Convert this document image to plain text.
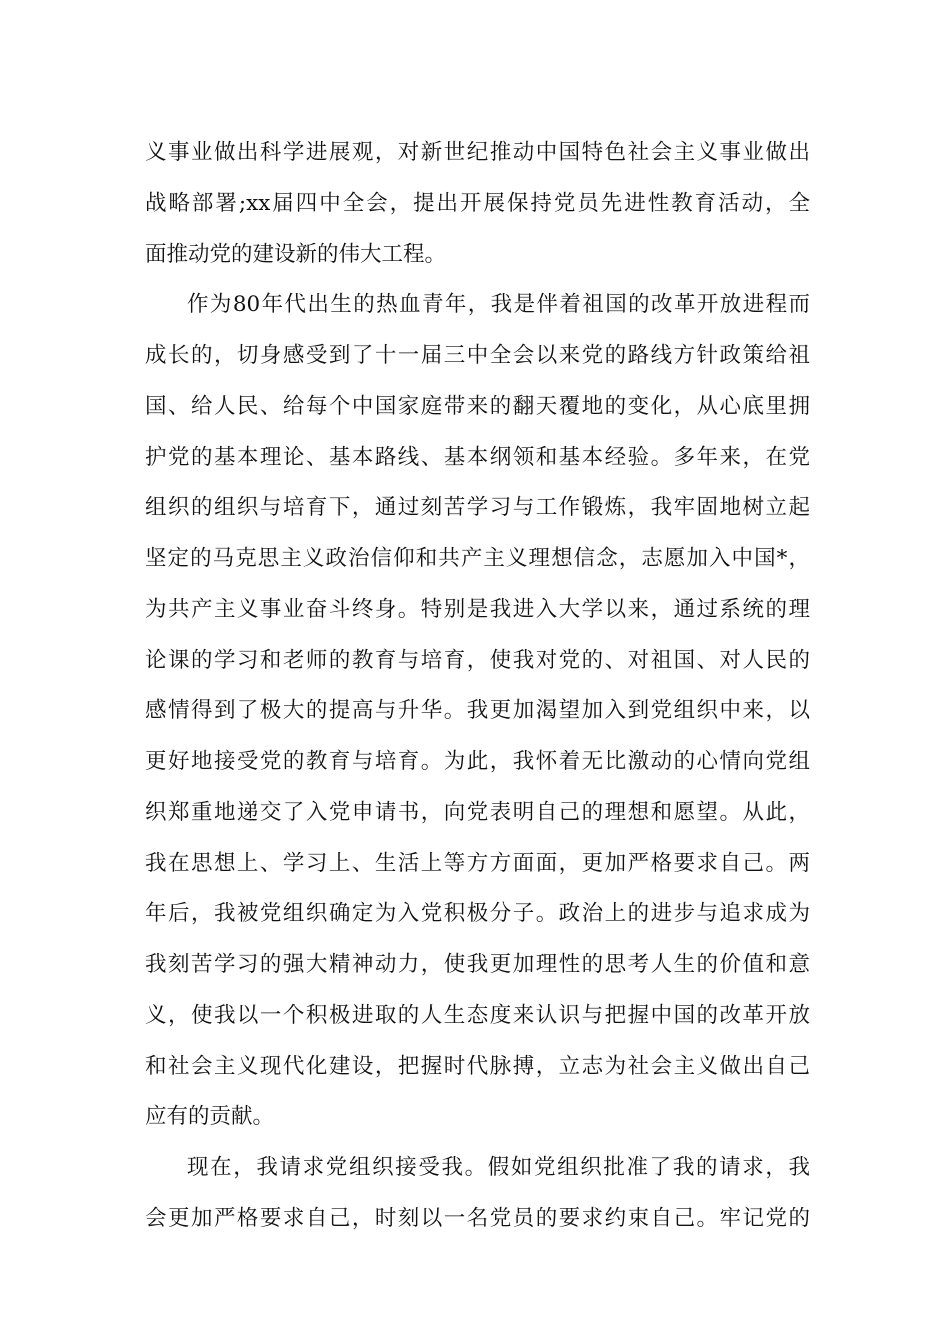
义事业做出科学进展观，对新世纪推动中国特色社会主义事业做出
战略部署;xx届四中全会，提出开展保持党员先进性教育活动，全
面推动党的建设新的伟大工程。
作为80年代出生的热血青年，我是伴着祖国的改革开放进程而
成长的，切身感受到了十一届三中全会以来党的路线方针政策给祖
国、给人民、给每个中国家庭带来的翻天覆地的变化，从心底里拥
护党的基本理论、基本路线、基本纲领和基本经验。多年来，在党
组织的组织与培育下，通过刻苦学习与工作锻炼，我牢固地树立起
坚定的马克思主义政治信仰和共产主义理想信念，志愿加入中国*，
为共产主义事业奋斗终身。特别是我进入大学以来，通过系统的理
论课的学习和老师的教育与培育，使我对党的、对祖国、对人民的
感情得到了极大的提高与升华。我更加渴望加入到党组织中来，以
更好地接受党的教育与培育。为此，我怀着无比激动的心情向党组
织郑重地递交了入党申请书，向党表明自己的理想和愿望。从此，
我在思想上、学习上、生活上等方方面面，更加严格要求自己。两
年后，我被党组织确定为入党积极分子。政治上的进步与追求成为
我刻苦学习的强大精神动力，使我更加理性的思考人生的价值和意
义，使我以一个积极进取的人生态度来认识与把握中国的改革开放
和社会主义现代化建设，把握时代脉搏，立志为社会主义做出自己
应有的贡献。
现在，我请求党组织接受我。假如党组织批准了我的请求，我
会更加严格要求自己，时刻以一名党员的要求约束自己。牢记党的
